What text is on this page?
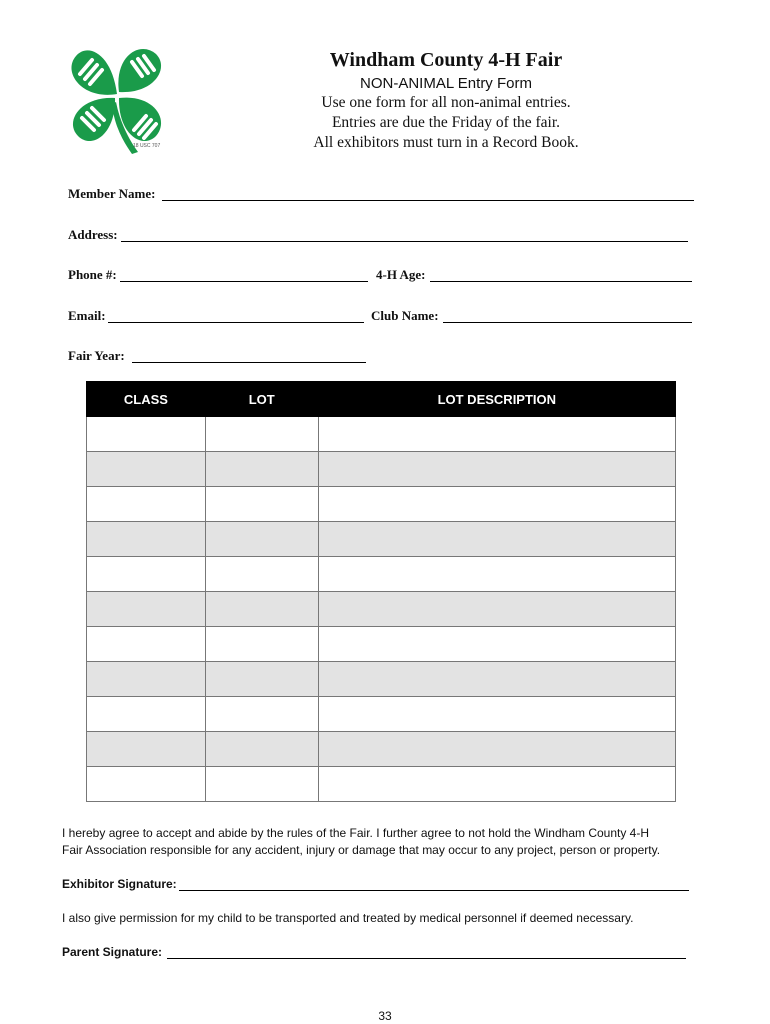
18 USC 707
Windham County 4-H Fair
NON-ANIMAL Entry Form
Use one form for all non-animal entries.
Entries are due the Friday of the fair.
All exhibitors must turn in a Record Book.
Member Name:
Address:
Phone #:	4-H Age:
Email:	Club Name:
Fair Year:
CLASS	LOT	LOT DESCRIPTION

I hereby agree to accept and abide by the rules of the Fair. I further agree to not hold the Windham County 4-H
Fair Association responsible for any accident, injury or damage that may occur to any project, person or property.
Exhibitor Signature:
I also give permission for my child to be transported and treated by medical personnel if deemed necessary.
Parent Signature:
33
